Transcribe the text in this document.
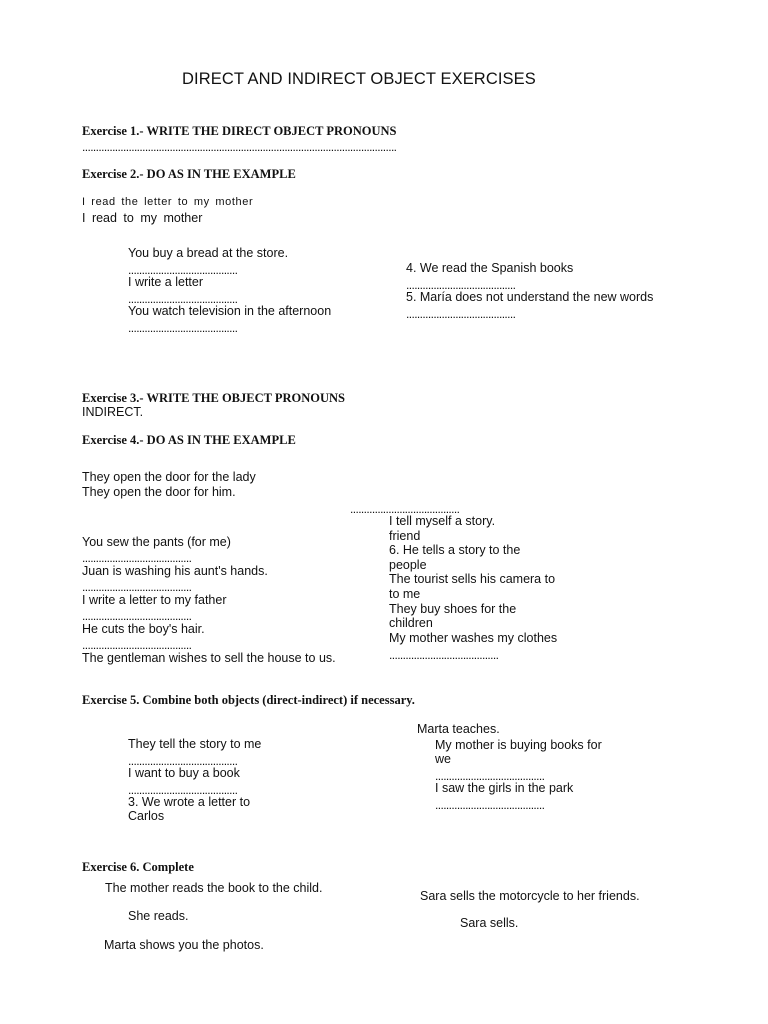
DIRECT AND INDIRECT OBJECT EXERCISES
Exercise 1.- WRITE THE DIRECT OBJECT PRONOUNS
...................................................................................................................
Exercise 2.- DO AS IN THE EXAMPLE
I read the letter to my mother
I read to my mother
You buy a bread at the store.
........................................
I write a letter
........................................
You watch television in the afternoon
........................................
4. We read the Spanish books
........................................
5. María does not understand the new words
........................................
Exercise 3.- WRITE THE OBJECT PRONOUNS
INDIRECT.
Exercise 4.- DO AS IN THE EXAMPLE
They open the door for the lady
They open the door for him.
........................................
I tell myself a story.
friend
6. He tells a story to the
people
The tourist sells his camera to
to me
They buy shoes for the
children
My mother washes my clothes
........................................
You sew the pants (for me)
........................................
Juan is washing his aunt's hands.
........................................
I write a letter to my father
........................................
He cuts the boy's hair.
........................................
The gentleman wishes to sell the house to us.
Exercise 5. Combine both objects (direct-indirect) if necessary.
They tell the story to me
........................................
I want to buy a book
........................................
3. We wrote a letter to
Carlos
Marta teaches.
My mother is buying books for
we
........................................
I saw the girls in the park
........................................
Exercise 6. Complete
The mother reads the book to the child.
She reads.
Marta shows you the photos.
Sara sells the motorcycle to her friends.
Sara sells.
